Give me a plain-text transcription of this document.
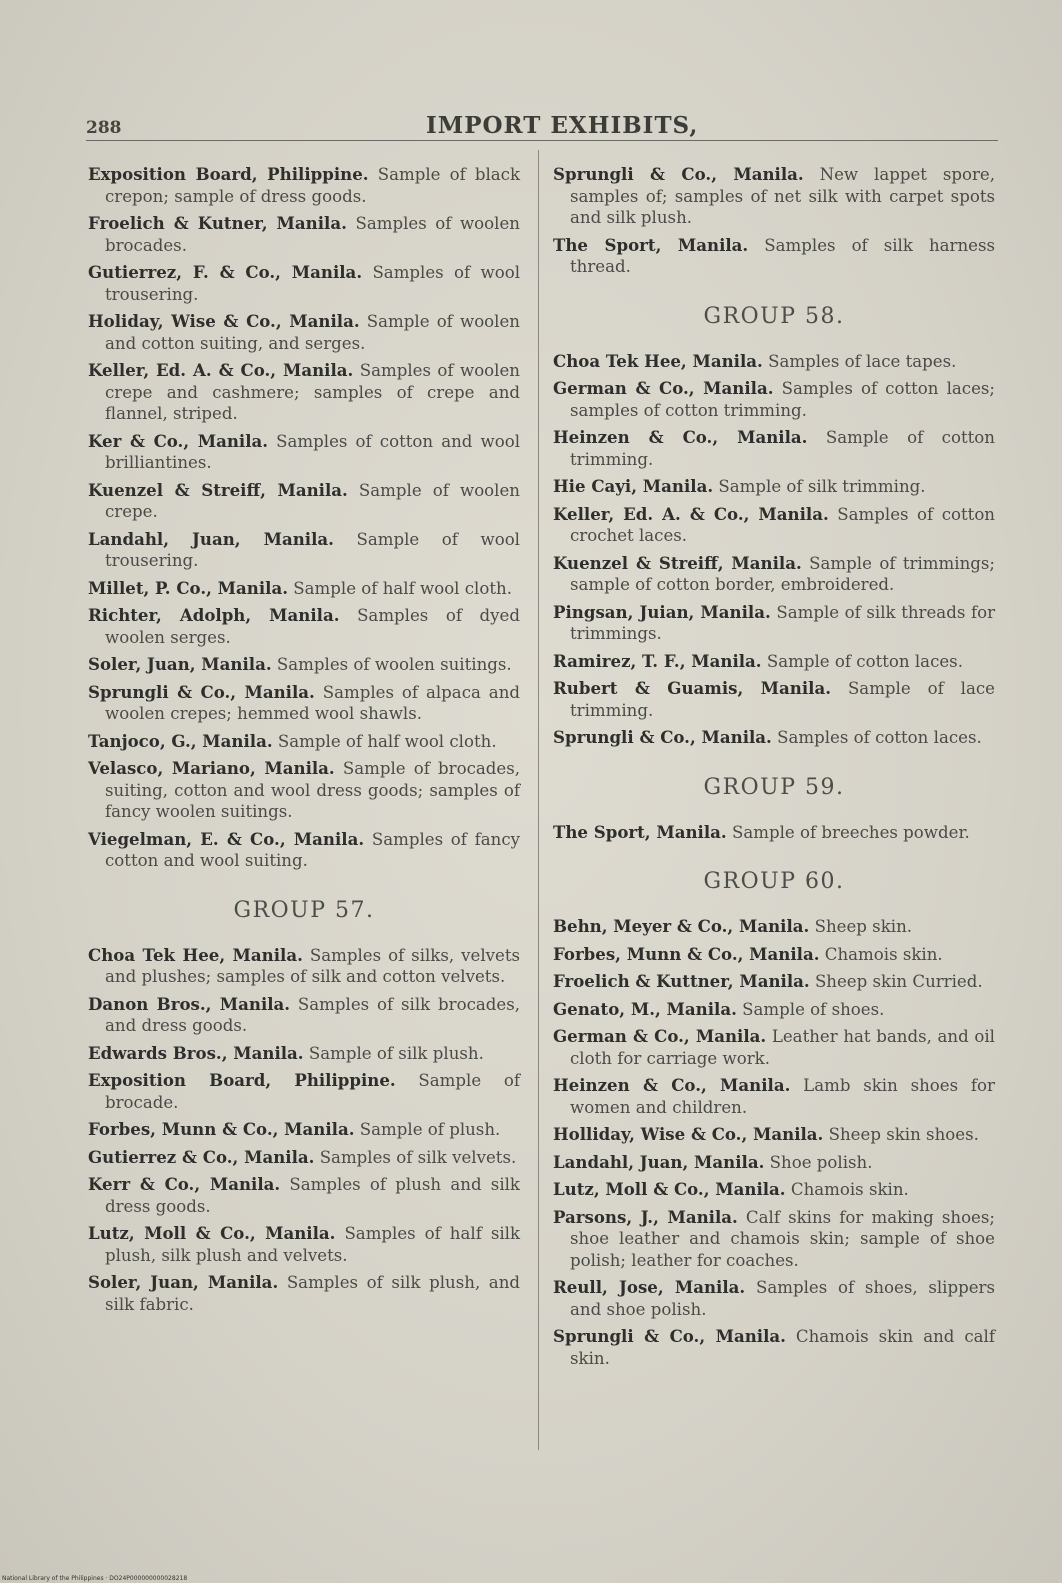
288	IMPORT EXHIBITS,

Exposition Board, Philippine. Sample of black crepon; sample of dress goods.

Froelich & Kutner, Manila. Samples of woolen brocades.

Gutierrez, F. & Co., Manila. Samples of wool trousering.

Holiday, Wise & Co., Manila. Sample of woolen and cotton suiting, and serges.

Keller, Ed. A. & Co., Manila. Samples of woolen crepe and cashmere; samples of crepe and flannel, striped.

Ker & Co., Manila. Samples of cotton and wool brilliantines.

Kuenzel & Streiff, Manila. Sample of woolen crepe.

Landahl, Juan, Manila. Sample of wool trousering.

Millet, P. Co., Manila. Sample of half wool cloth.

Richter, Adolph, Manila. Samples of dyed woolen serges.

Soler, Juan, Manila. Samples of woolen suitings.

Sprungli & Co., Manila. Samples of alpaca and woolen crepes; hemmed wool shawls.

Tanjoco, G., Manila. Sample of half wool cloth.

Velasco, Mariano, Manila. Sample of brocades, suiting, cotton and wool dress goods; samples of fancy woolen suitings.

Viegelman, E. & Co., Manila. Samples of fancy cotton and wool suiting.

GROUP 57.

Choa Tek Hee, Manila. Samples of silks, velvets and plushes; samples of silk and cotton velvets.

Danon Bros., Manila. Samples of silk brocades, and dress goods.

Edwards Bros., Manila. Sample of silk plush.

Exposition Board, Philippine. Sample of brocade.

Forbes, Munn & Co., Manila. Sample of plush.

Gutierrez & Co., Manila. Samples of silk velvets.

Kerr & Co., Manila. Samples of plush and silk dress goods.

Lutz, Moll & Co., Manila. Samples of half silk plush, silk plush and velvets.

Soler, Juan, Manila. Samples of silk plush, and silk fabric.

Sprungli & Co., Manila. New lappet spore, samples of; samples of net silk with carpet spots and silk plush.

The Sport, Manila. Samples of silk harness thread.

GROUP 58.

Choa Tek Hee, Manila. Samples of lace tapes.

German & Co., Manila. Samples of cotton laces; samples of cotton trimming.

Heinzen & Co., Manila. Sample of cotton trimming.

Hie Cayi, Manila. Sample of silk trimming.

Keller, Ed. A. & Co., Manila. Samples of cotton crochet laces.

Kuenzel & Streiff, Manila. Sample of trimmings; sample of cotton border, embroidered.

Pingsan, Juian, Manila. Sample of silk threads for trimmings.

Ramirez, T. F., Manila. Sample of cotton laces.

Rubert & Guamis, Manila. Sample of lace trimming.

Sprungli & Co., Manila. Samples of cotton laces.

GROUP 59.

The Sport, Manila. Sample of breeches powder.

GROUP 60.

Behn, Meyer & Co., Manila. Sheep skin.

Forbes, Munn & Co., Manila. Chamois skin.

Froelich & Kuttner, Manila. Sheep skin Curried.

Genato, M., Manila. Sample of shoes.

German & Co., Manila. Leather hat bands, and oil cloth for carriage work.

Heinzen & Co., Manila. Lamb skin shoes for women and children.

Holliday, Wise & Co., Manila. Sheep skin shoes.

Landahl, Juan, Manila. Shoe polish.

Lutz, Moll & Co., Manila. Chamois skin.

Parsons, J., Manila. Calf skins for making shoes; shoe leather and chamois skin; sample of shoe polish; leather for coaches.

Reull, Jose, Manila. Samples of shoes, slippers and shoe polish.

Sprungli & Co., Manila. Chamois skin and calf skin.

National Library of the Philippines · DO24P000000000028218
